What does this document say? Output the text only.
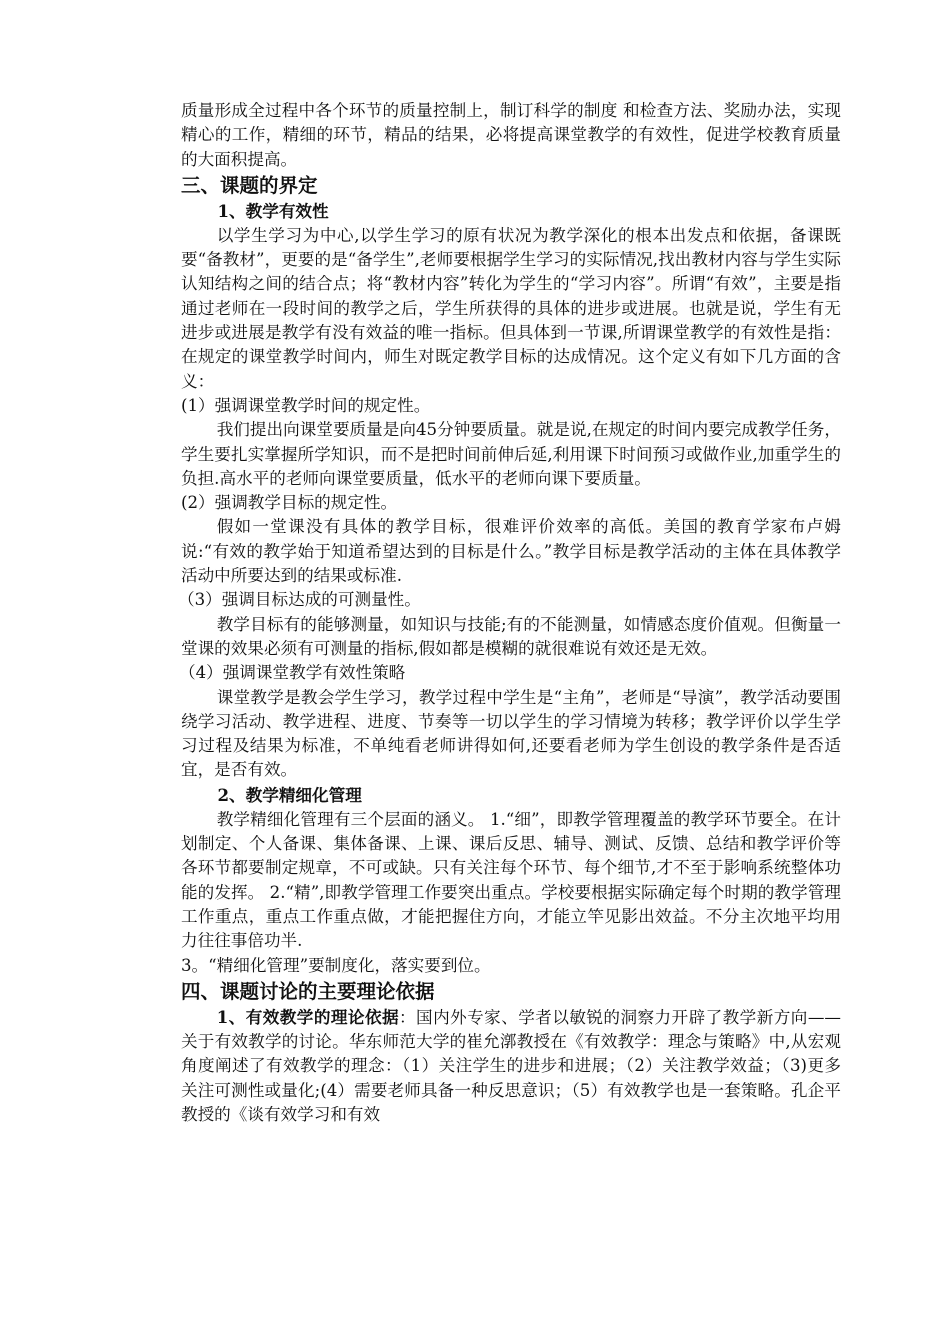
质量形成全过程中各个环节的质量控制上，制订科学的制度 和检查方法、奖励办法，实现精心的工作，精细的环节，精品的结果，必将提高课堂教学的有效性，促进学校教育质量的大面积提高。

三、课题的界定

1、教学有效性

以学生学习为中心,以学生学习的原有状况为教学深化的根本出发点和依据，备课既要“备教材”，更要的是“备学生”,老师要根据学生学习的实际情况,找出教材内容与学生实际认知结构之间的结合点；将“教材内容”转化为学生的“学习内容”。所谓“有效”，主要是指通过老师在一段时间的教学之后，学生所获得的具体的进步或进展。也就是说，学生有无进步或进展是教学有没有效益的唯一指标。但具体到一节课,所谓课堂教学的有效性是指：在规定的课堂教学时间内，师生对既定教学目标的达成情况。这个定义有如下几方面的含义：

(1）强调课堂教学时间的规定性。

我们提出向课堂要质量是向45分钟要质量。就是说,在规定的时间内要完成教学任务，学生要扎实掌握所学知识，而不是把时间前伸后延,利用课下时间预习或做作业,加重学生的负担.高水平的老师向课堂要质量，低水平的老师向课下要质量。

(2）强调教学目标的规定性。

假如一堂课没有具体的教学目标，很难评价效率的高低。美国的教育学家布卢姆说:“有效的教学始于知道希望达到的目标是什么。”教学目标是教学活动的主体在具体教学活动中所要达到的结果或标准.

（3）强调目标达成的可测量性。

教学目标有的能够测量，如知识与技能;有的不能测量，如情感态度价值观。但衡量一堂课的效果必须有可测量的指标,假如都是模糊的就很难说有效还是无效。

（4）强调课堂教学有效性策略

课堂教学是教会学生学习，教学过程中学生是“主角”，老师是“导演”，教学活动要围绕学习活动、教学进程、进度、节奏等一切以学生的学习情境为转移；教学评价以学生学习过程及结果为标准，不单纯看老师讲得如何,还要看老师为学生创设的教学条件是否适宜，是否有效。

2、教学精细化管理

教学精细化管理有三个层面的涵义。 1.“细”，即教学管理覆盖的教学环节要全。在计划制定、个人备课、集体备课、上课、课后反思、辅导、测试、反馈、总结和教学评价等各环节都要制定规章，不可或缺。只有关注每个环节、每个细节,才不至于影响系统整体功能的发挥。 2.“精”,即教学管理工作要突出重点。学校要根据实际确定每个时期的教学管理工作重点，重点工作重点做，才能把握住方向，才能立竿见影出效益。不分主次地平均用力往往事倍功半.

3。“精细化管理”要制度化，落实要到位。

四、课题讨论的主要理论依据

1、有效教学的理论依据：国内外专家、学者以敏锐的洞察力开辟了教学新方向——关于有效教学的讨论。华东师范大学的崔允漷教授在《有效教学：理念与策略》中,从宏观角度阐述了有效教学的理念：（1）关注学生的进步和进展；（2）关注教学效益；（3)更多关注可测性或量化;(4）需要老师具备一种反思意识；（5）有效教学也是一套策略。孔企平教授的《谈有效学习和有效
